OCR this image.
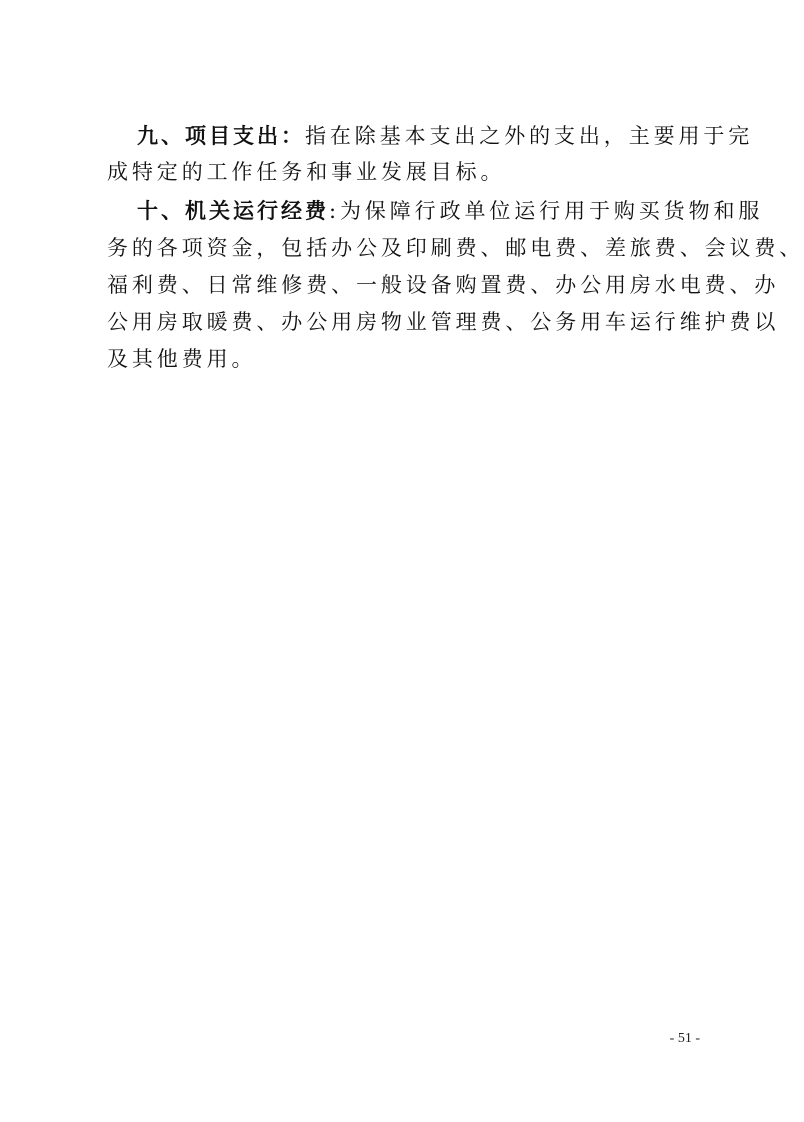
九、项目支出：指在除基本支出之外的支出，主要用于完
成特定的工作任务和事业发展目标。
十、机关运行经费:为保障行政单位运行用于购买货物和服
务的各项资金，包括办公及印刷费、邮电费、差旅费、会议费、
福利费、日常维修费、一般设备购置费、办公用房水电费、办
公用房取暖费、办公用房物业管理费、公务用车运行维护费以
及其他费用。
- 51 -
